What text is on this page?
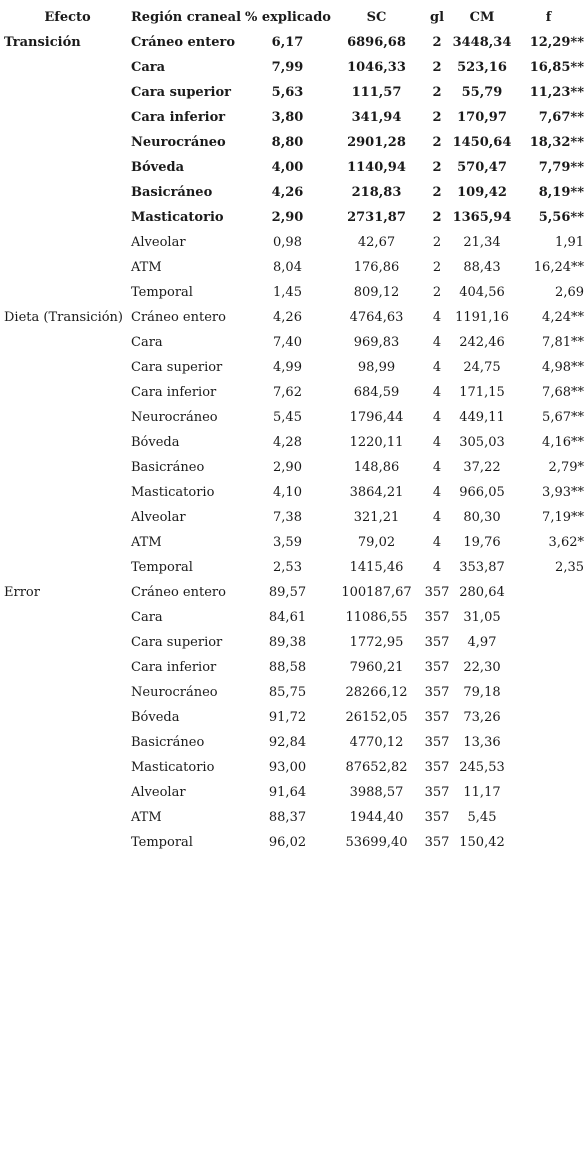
Efecto	Región craneal	% explicado	SC	gl	CM	f
Transición	Cráneo entero	6,17	6896,68	2	3448,34	12,29**
	Cara	7,99	1046,33	2	523,16	16,85**
	Cara superior	5,63	111,57	2	55,79	11,23**
	Cara inferior	3,80	341,94	2	170,97	7,67**
	Neurocráneo	8,80	2901,28	2	1450,64	18,32**
	Bóveda	4,00	1140,94	2	570,47	7,79**
	Basicráneo	4,26	218,83	2	109,42	8,19**
	Masticatorio	2,90	2731,87	2	1365,94	5,56**
	Alveolar	0,98	42,67	2	21,34	1,91
	ATM	8,04	176,86	2	88,43	16,24**
	Temporal	1,45	809,12	2	404,56	2,69
Dieta (Transición)	Cráneo entero	4,26	4764,63	4	1191,16	4,24**
	Cara	7,40	969,83	4	242,46	7,81**
	Cara superior	4,99	98,99	4	24,75	4,98**
	Cara inferior	7,62	684,59	4	171,15	7,68**
	Neurocráneo	5,45	1796,44	4	449,11	5,67**
	Bóveda	4,28	1220,11	4	305,03	4,16**
	Basicráneo	2,90	148,86	4	37,22	2,79*
	Masticatorio	4,10	3864,21	4	966,05	3,93**
	Alveolar	7,38	321,21	4	80,30	7,19**
	ATM	3,59	79,02	4	19,76	3,62*
	Temporal	2,53	1415,46	4	353,87	2,35
Error	Cráneo entero	89,57	100187,67	357	280,64	
	Cara	84,61	11086,55	357	31,05	
	Cara superior	89,38	1772,95	357	4,97	
	Cara inferior	88,58	7960,21	357	22,30	
	Neurocráneo	85,75	28266,12	357	79,18	
	Bóveda	91,72	26152,05	357	73,26	
	Basicráneo	92,84	4770,12	357	13,36	
	Masticatorio	93,00	87652,82	357	245,53	
	Alveolar	91,64	3988,57	357	11,17	
	ATM	88,37	1944,40	357	5,45	
	Temporal	96,02	53699,40	357	150,42	
